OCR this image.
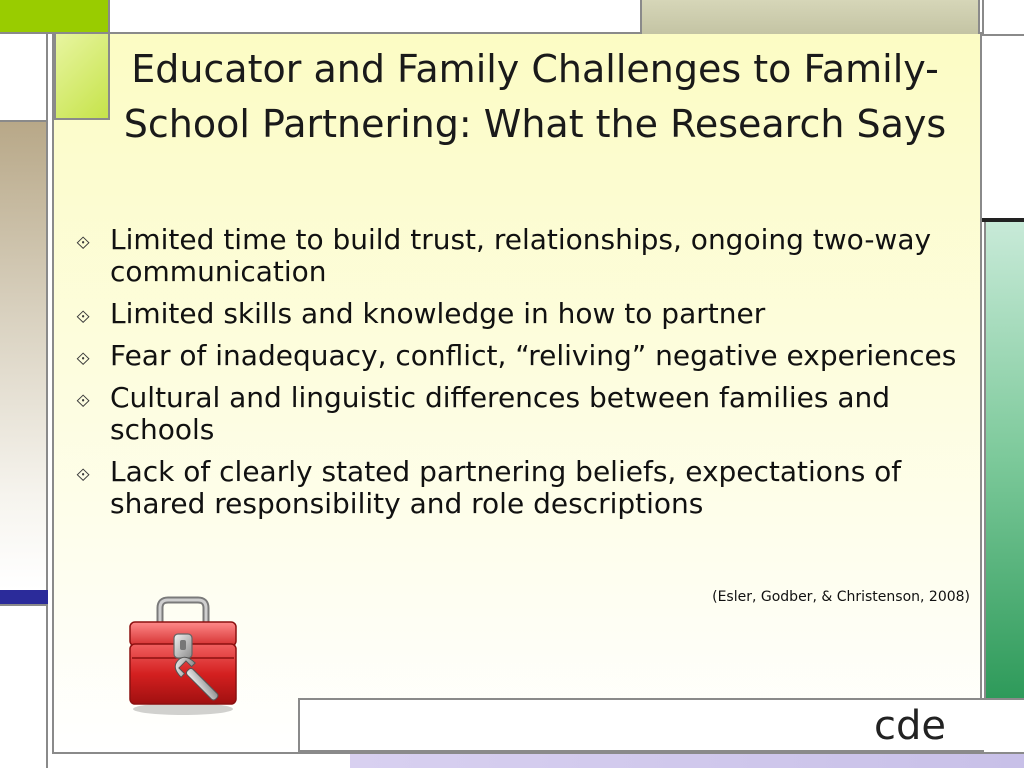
Educator and Family Challenges to Family-School Partnering: What the Research Says
⟐ Limited time to build trust, relationships, ongoing two-way communication
⟐ Limited skills and knowledge in how to partner
⟐ Fear of inadequacy, conflict, “reliving” negative experiences
⟐ Cultural and linguistic differences between families and schools
⟐ Lack of clearly stated partnering beliefs, expectations of shared responsibility and role descriptions
(Esler, Godber, & Christenson, 2008)
cde
